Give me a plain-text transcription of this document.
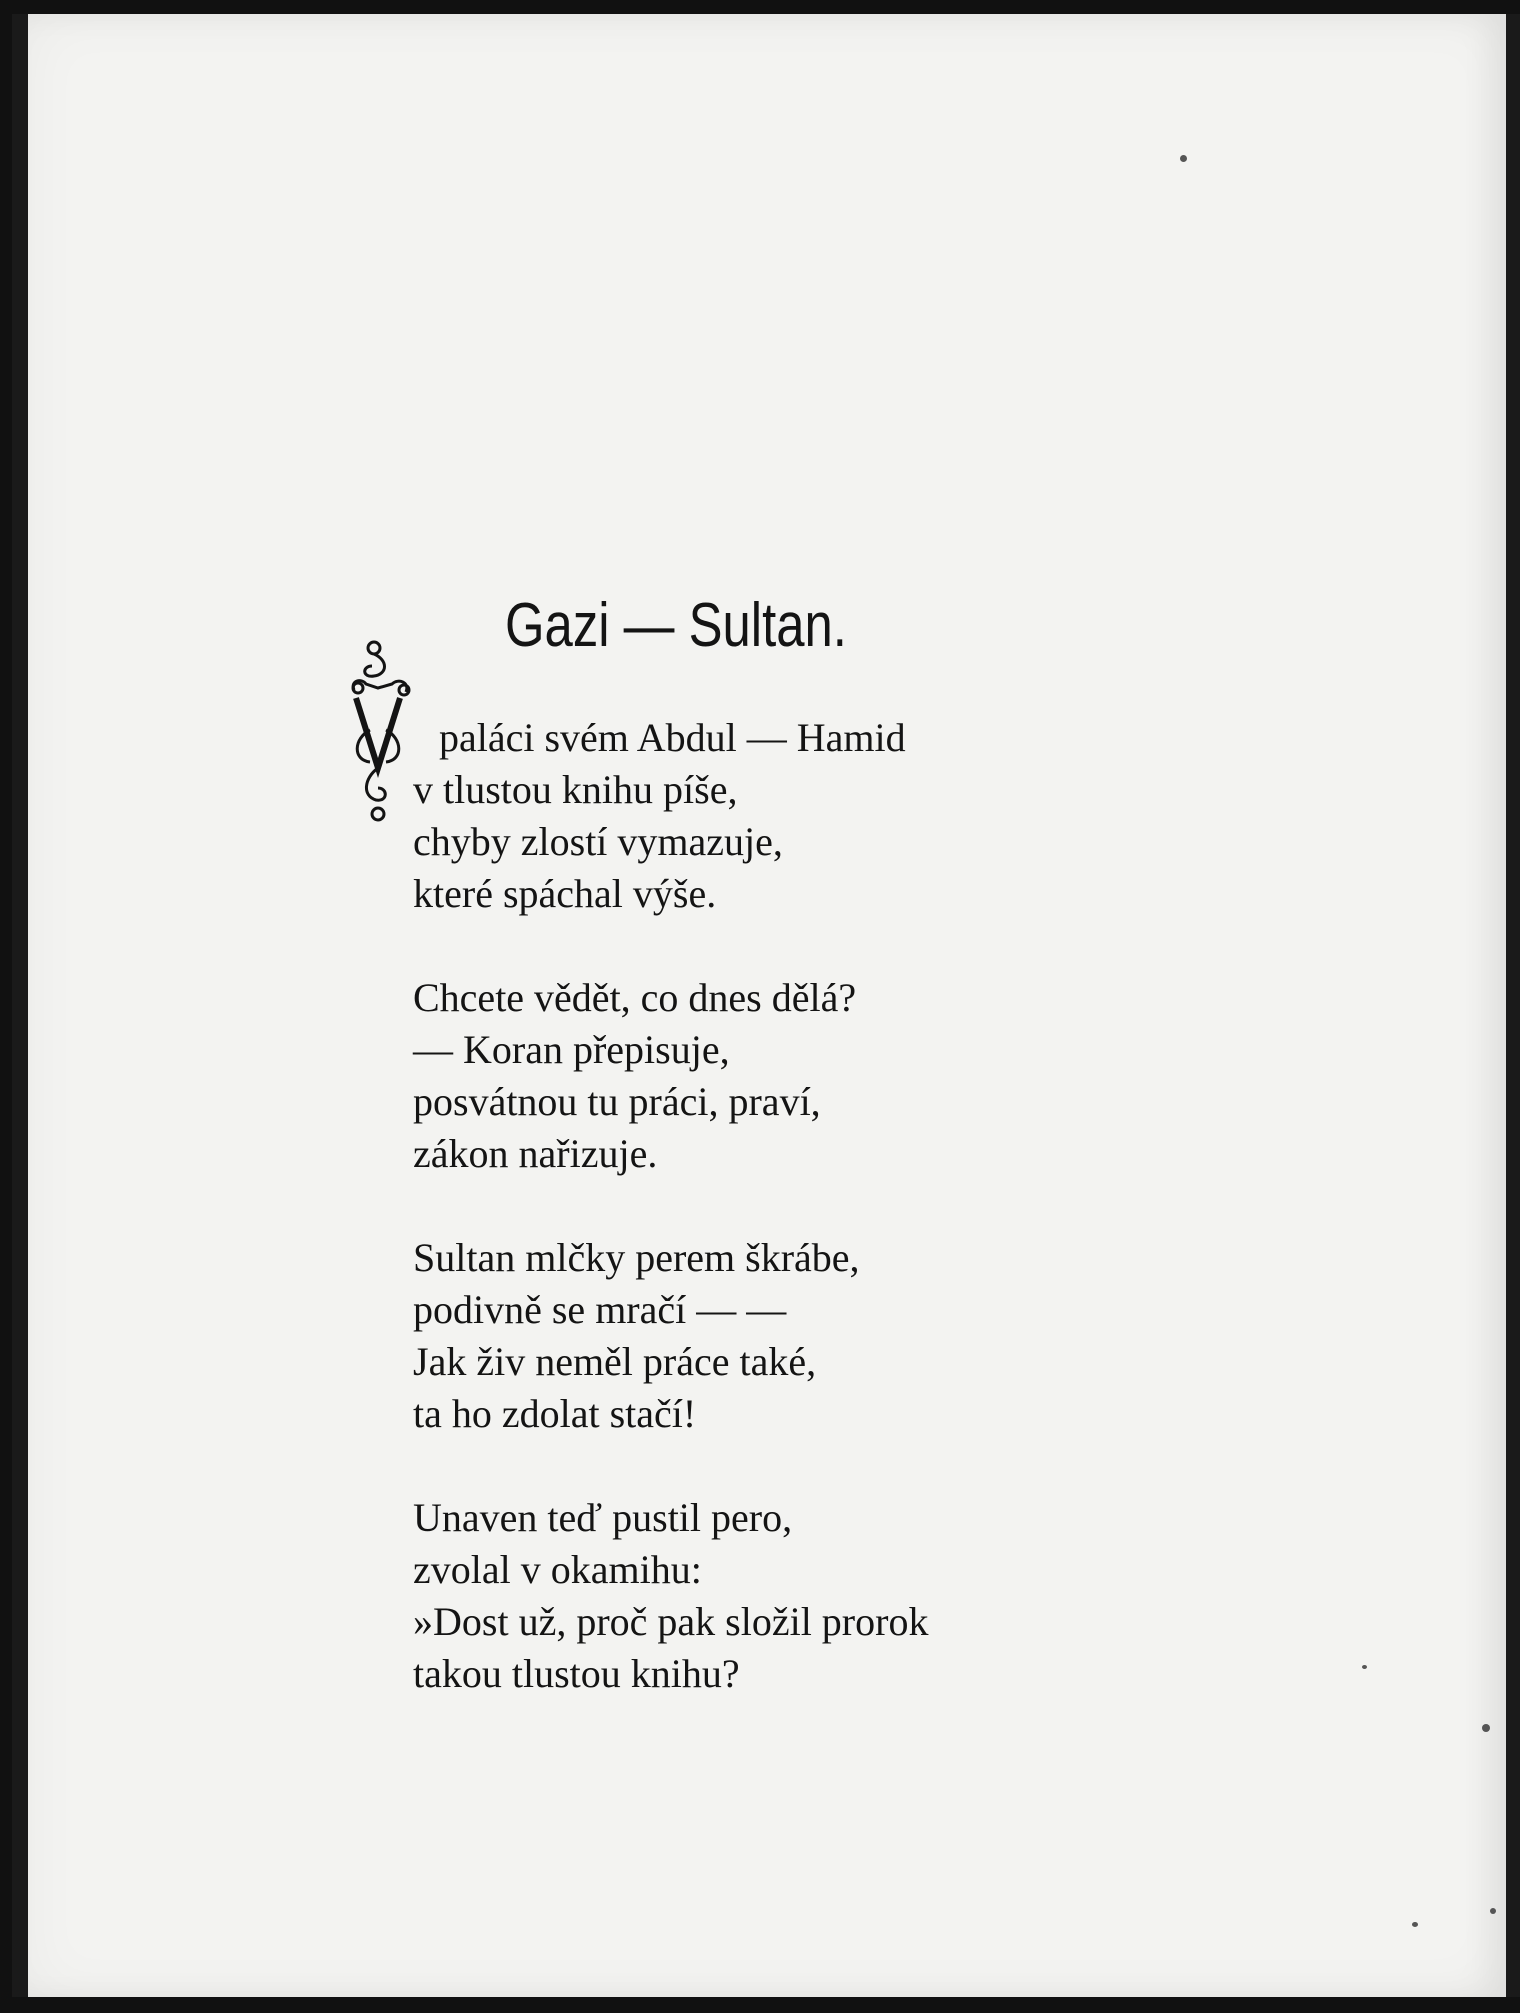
Gazi — Sultan.
V
paláci svém Abdul — Hamid
v tlustou knihu píše,
chyby zlostí vymazuje,
které spáchal výše.
Chcete vědět, co dnes dělá?
— Koran přepisuje,
posvátnou tu práci, praví,
zákon nařizuje.
Sultan mlčky perem škrábe,
podivně se mračí — —
Jak živ neměl práce také,
ta ho zdolat stačí!
Unaven teď pustil pero,
zvolal v okamihu:
»Dost už, proč pak složil prorok
takou tlustou knihu?
